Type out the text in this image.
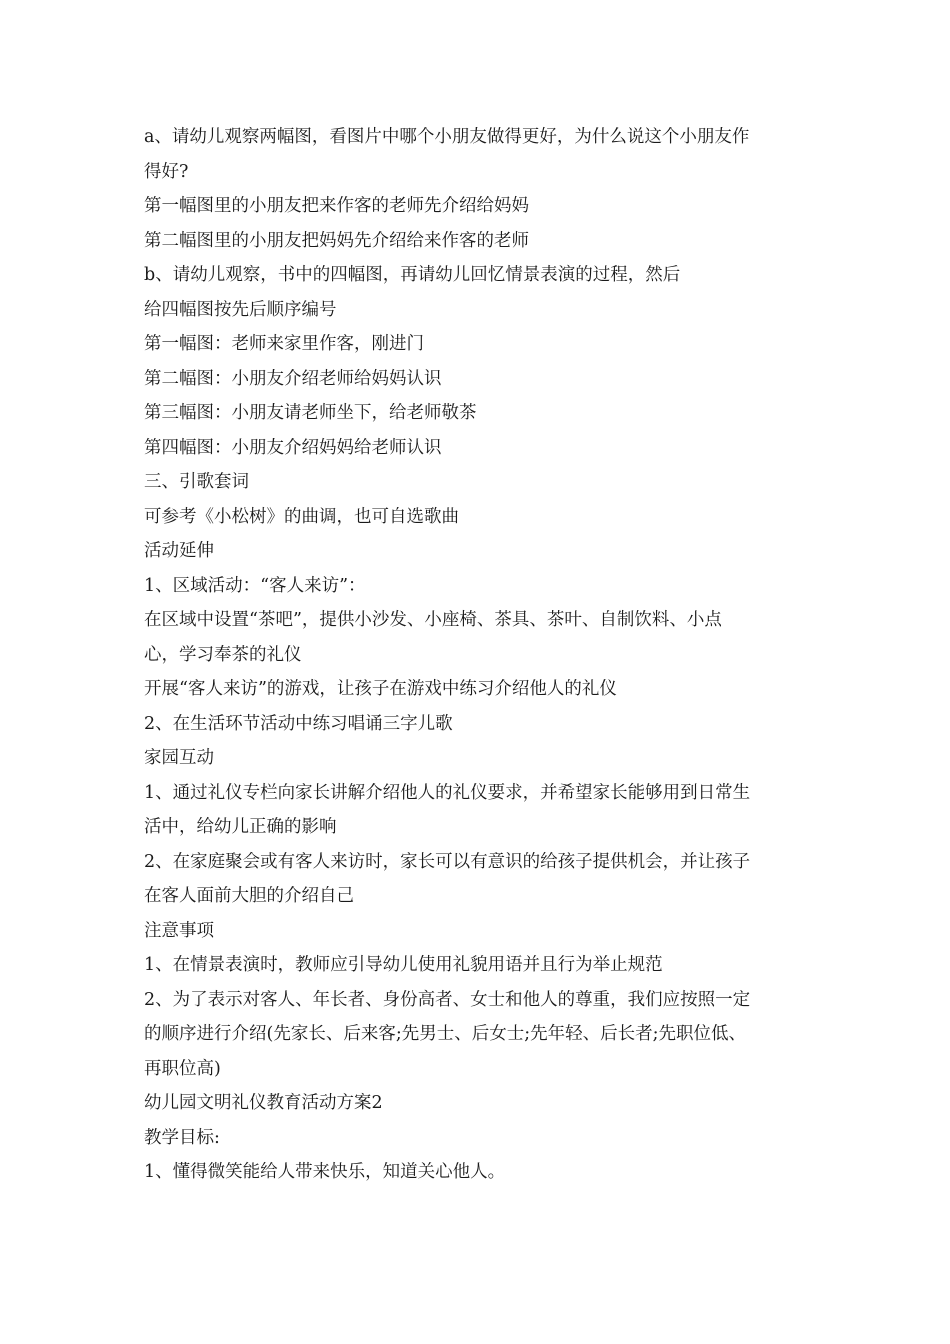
a、请幼儿观察两幅图，看图片中哪个小朋友做得更好，为什么说这个小朋友作
得好?
第一幅图里的小朋友把来作客的老师先介绍给妈妈
第二幅图里的小朋友把妈妈先介绍给来作客的老师
b、请幼儿观察，书中的四幅图，再请幼儿回忆情景表演的过程，然后
给四幅图按先后顺序编号
第一幅图：老师来家里作客，刚进门
第二幅图：小朋友介绍老师给妈妈认识
第三幅图：小朋友请老师坐下，给老师敬茶
第四幅图：小朋友介绍妈妈给老师认识
三、引歌套词
可参考《小松树》的曲调，也可自选歌曲
活动延伸
1、区域活动：“客人来访”：
在区域中设置“茶吧”，提供小沙发、小座椅、茶具、茶叶、自制饮料、小点
心，学习奉茶的礼仪
开展“客人来访”的游戏，让孩子在游戏中练习介绍他人的礼仪
2、在生活环节活动中练习唱诵三字儿歌
家园互动
1、通过礼仪专栏向家长讲解介绍他人的礼仪要求，并希望家长能够用到日常生
活中，给幼儿正确的影响
2、在家庭聚会或有客人来访时，家长可以有意识的给孩子提供机会，并让孩子
在客人面前大胆的介绍自己
注意事项
1、在情景表演时，教师应引导幼儿使用礼貌用语并且行为举止规范
2、为了表示对客人、年长者、身份高者、女士和他人的尊重，我们应按照一定
的顺序进行介绍(先家长、后来客;先男士、后女士;先年轻、后长者;先职位低、
再职位高)
幼儿园文明礼仪教育活动方案2
教学目标:
1、懂得微笑能给人带来快乐，知道关心他人。
